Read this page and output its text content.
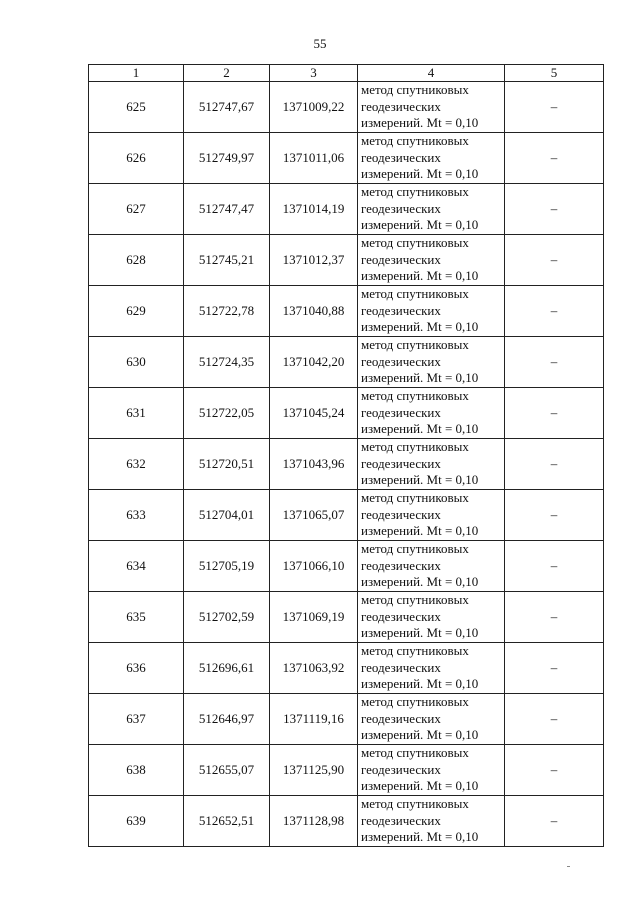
55
1	2	3	4	5
625	512747,67	1371009,22	метод спутниковых геодезических измерений. Mt = 0,10	–
626	512749,97	1371011,06	метод спутниковых геодезических измерений. Mt = 0,10	–
627	512747,47	1371014,19	метод спутниковых геодезических измерений. Mt = 0,10	–
628	512745,21	1371012,37	метод спутниковых геодезических измерений. Mt = 0,10	–
629	512722,78	1371040,88	метод спутниковых геодезических измерений. Mt = 0,10	–
630	512724,35	1371042,20	метод спутниковых геодезических измерений. Mt = 0,10	–
631	512722,05	1371045,24	метод спутниковых геодезических измерений. Mt = 0,10	–
632	512720,51	1371043,96	метод спутниковых геодезических измерений. Mt = 0,10	–
633	512704,01	1371065,07	метод спутниковых геодезических измерений. Mt = 0,10	–
634	512705,19	1371066,10	метод спутниковых геодезических измерений. Mt = 0,10	–
635	512702,59	1371069,19	метод спутниковых геодезических измерений. Mt = 0,10	–
636	512696,61	1371063,92	метод спутниковых геодезических измерений. Mt = 0,10	–
637	512646,97	1371119,16	метод спутниковых геодезических измерений. Mt = 0,10	–
638	512655,07	1371125,90	метод спутниковых геодезических измерений. Mt = 0,10	–
639	512652,51	1371128,98	метод спутниковых геодезических измерений. Mt = 0,10	–
